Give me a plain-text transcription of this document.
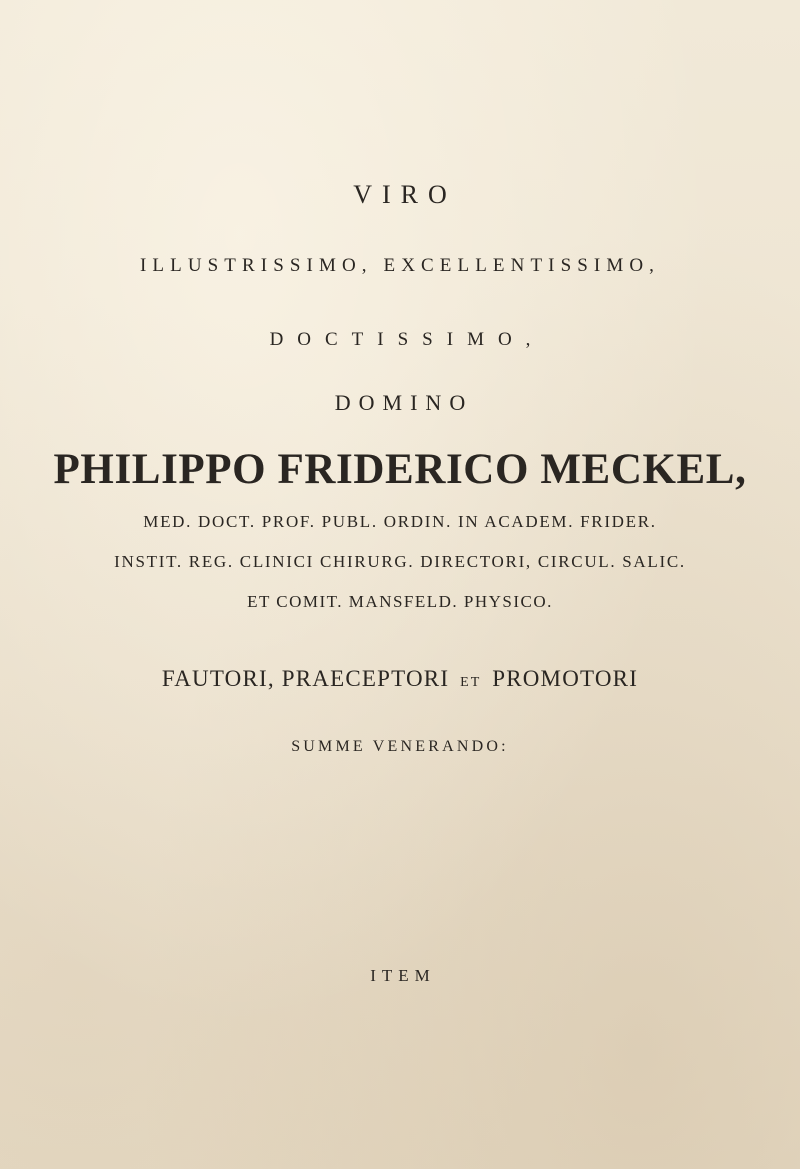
VIRO
ILLUSTRISSIMO, EXCELLENTISSIMO,
DOCTISSIMO,
DOMINO
PHILIPPO FRIDERICO MECKEL,
MED. DOCT. PROF. PUBL. ORDIN. IN ACADEM. FRIDER.
INSTIT. REG. CLINICI CHIRURG. DIRECTORI, CIRCUL. SALIC.
ET COMIT. MANSFELD. PHYSICO.
FAUTORI, PRAECEPTORI ET PROMOTORI
SUMME VENERANDO:
ITEM
